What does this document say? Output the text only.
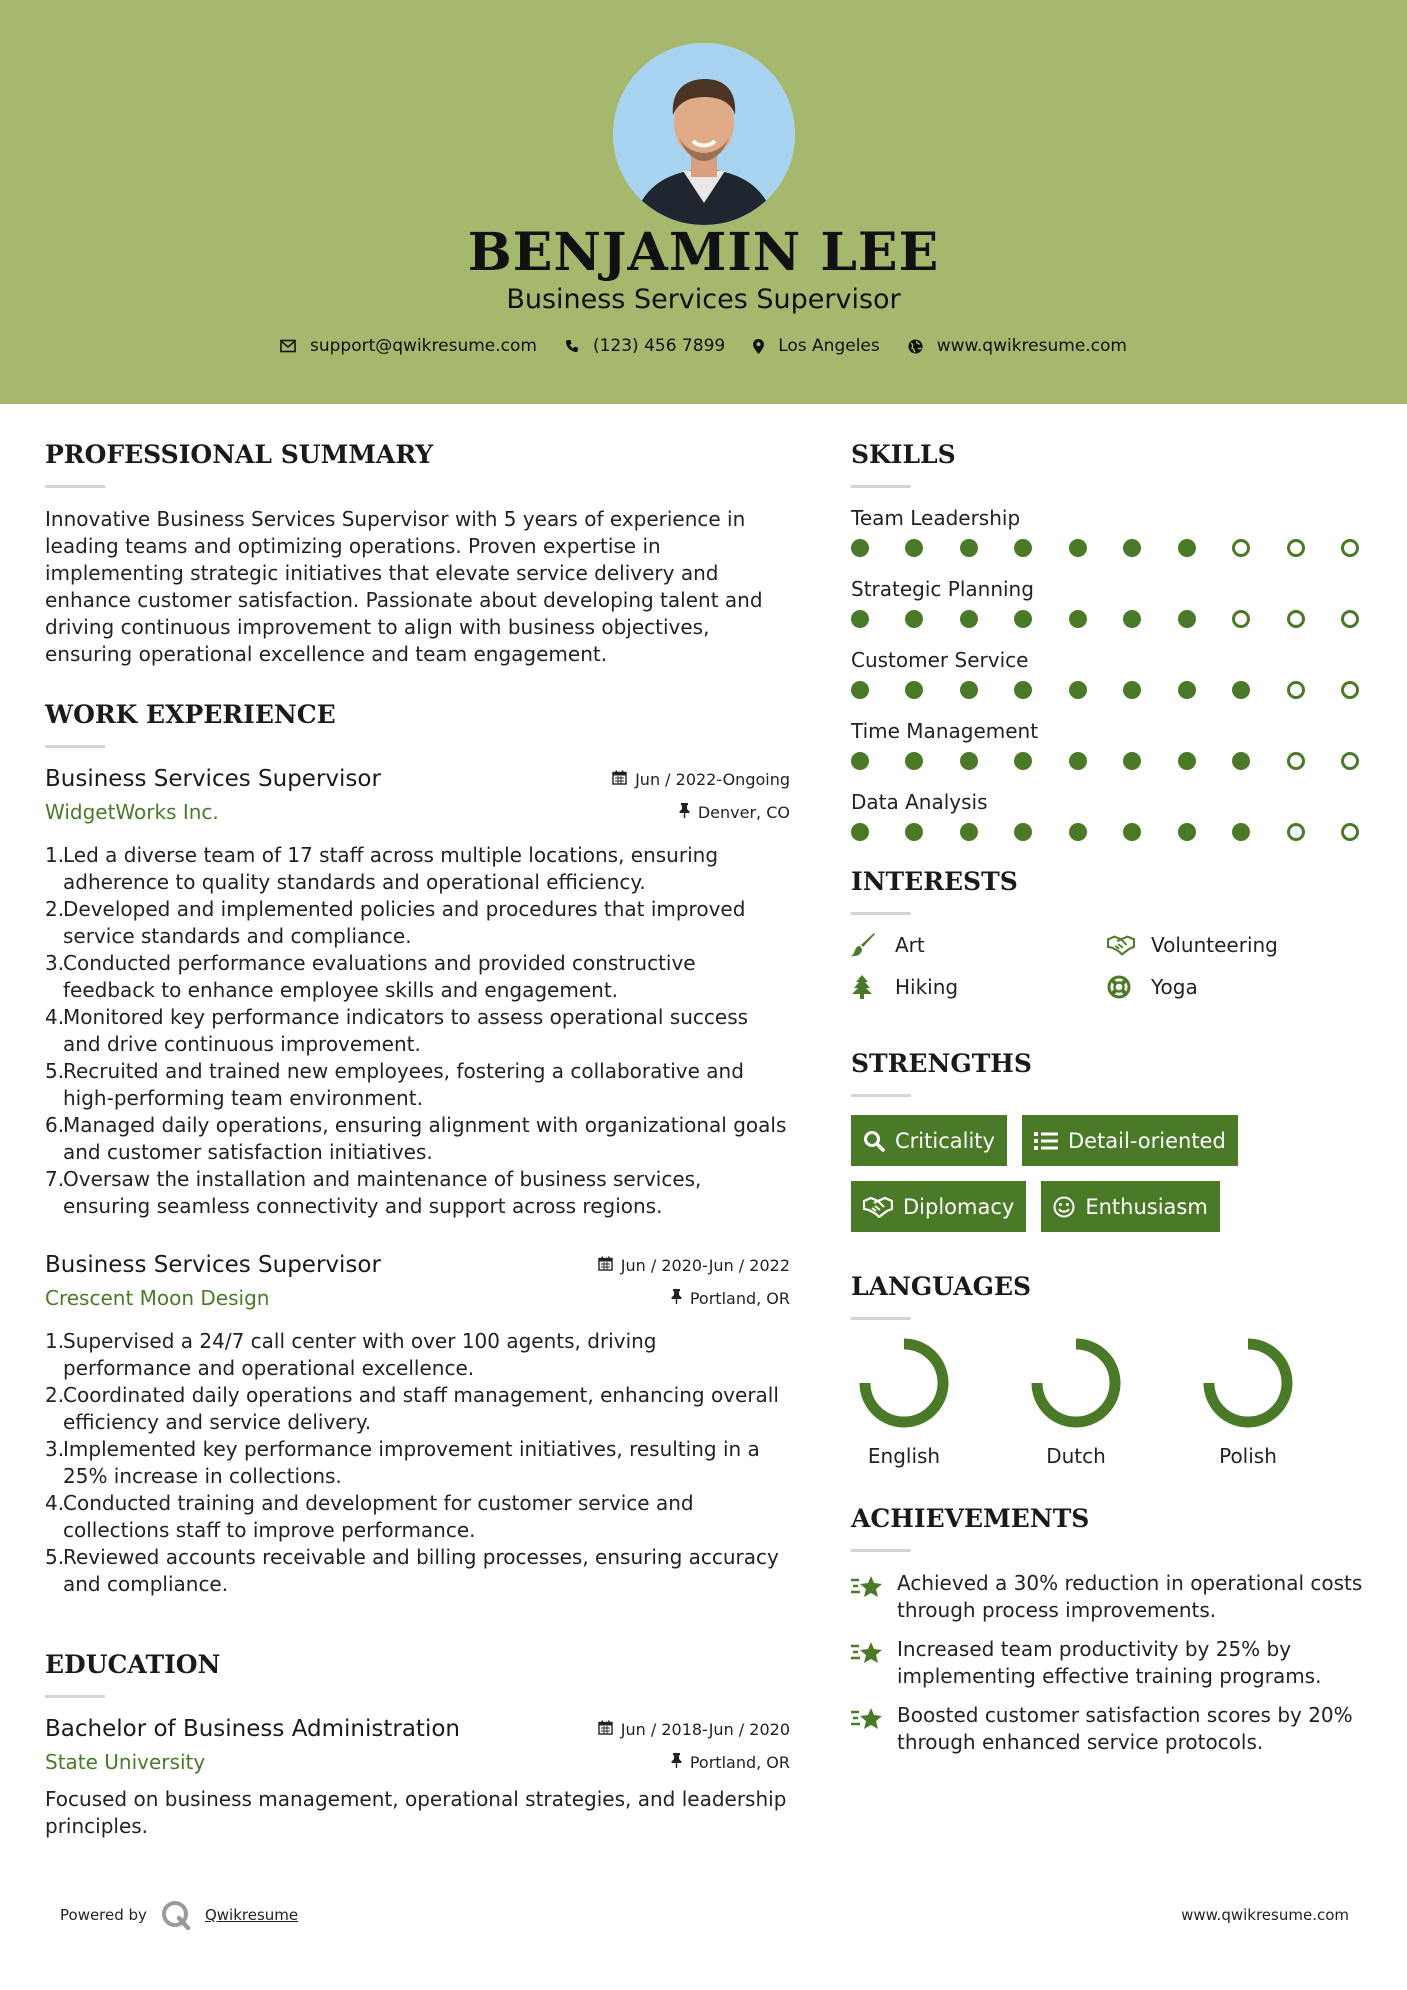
BENJAMIN LEE
Business Services Supervisor
support@qwikresume.com	(123) 456 7899	Los Angeles	www.qwikresume.com
PROFESSIONAL SUMMARY

Innovative Business Services Supervisor with 5 years of experience in leading teams and optimizing operations. Proven expertise in implementing strategic initiatives that elevate service delivery and enhance customer satisfaction. Passionate about developing talent and driving continuous improvement to align with business objectives, ensuring operational excellence and team engagement.

WORK EXPERIENCE
Business Services Supervisor	Jun / 2022-Ongoing
WidgetWorks Inc.	Denver, CO
1.
Led a diverse team of 17 staff across multiple locations, ensuring adherence to quality standards and operational efficiency.
2.
Developed and implemented policies and procedures that improved service standards and compliance.
3.
Conducted performance evaluations and provided constructive feedback to enhance employee skills and engagement.
4.
Monitored key performance indicators to assess operational success and drive continuous improvement.
5.
Recruited and trained new employees, fostering a collaborative and high-performing team environment.
6.
Managed daily operations, ensuring alignment with organizational goals and customer satisfaction initiatives.
7.
Oversaw the installation and maintenance of business services, ensuring seamless connectivity and support across regions.
Business Services Supervisor	Jun / 2020-Jun / 2022
Crescent Moon Design	Portland, OR
1.
Supervised a 24/7 call center with over 100 agents, driving performance and operational excellence.
2.
Coordinated daily operations and staff management, enhancing overall efficiency and service delivery.
3.
Implemented key performance improvement initiatives, resulting in a 25% increase in collections.
4.
Conducted training and development for customer service and collections staff to improve performance.
5.
Reviewed accounts receivable and billing processes, ensuring accuracy and compliance.
EDUCATION
Bachelor of Business Administration	Jun / 2018-Jun / 2020
State University	Portland, OR

Focused on business management, operational strategies, and leadership principles.

SKILLS
Team Leadership
Strategic Planning
Customer Service
Time Management
Data Analysis
INTERESTS
Art	Volunteering
Hiking	Yoga
STRENGTHS
Criticality	Detail-oriented
Diplomacy	Enthusiasm
LANGUAGES
English	Dutch	Polish
ACHIEVEMENTS
Achieved a 30% reduction in operational costs through process improvements.
Increased team productivity by 25% by implementing effective training programs.
Boosted customer satisfaction scores by 20% through enhanced service protocols.
Powered by	Qwikresume	www.qwikresume.com
